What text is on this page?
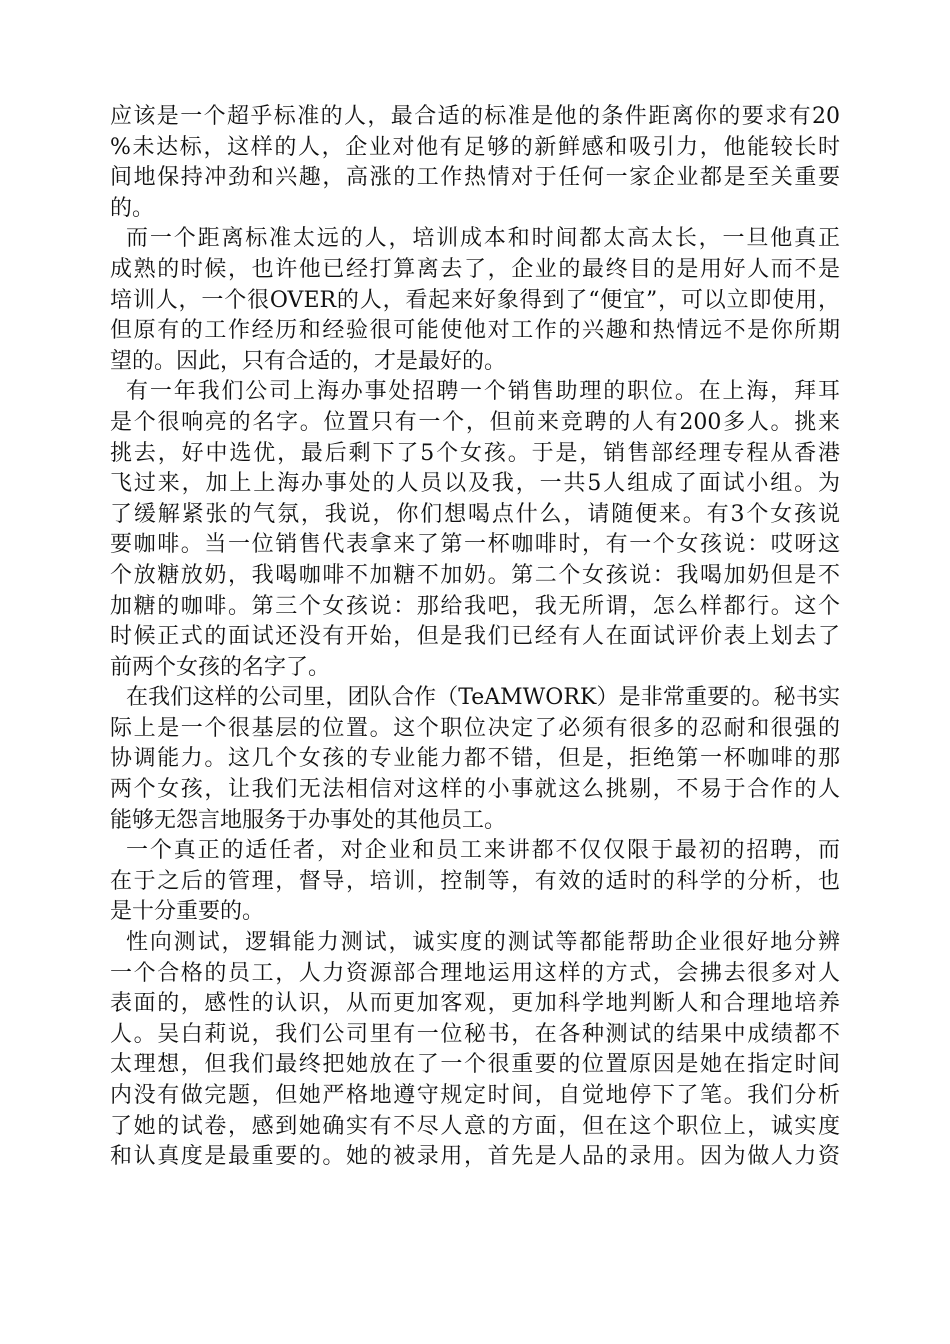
应该是一个超乎标准的人，最合适的标准是他的条件距离你的要求有20
%未达标，这样的人，企业对他有足够的新鲜感和吸引力，他能较长时
间地保持冲劲和兴趣，高涨的工作热情对于任何一家企业都是至关重要
的。
而一个距离标准太远的人，培训成本和时间都太高太长，一旦他真正
成熟的时候，也许他已经打算离去了，企业的最终目的是用好人而不是
培训人，一个很OVER的人，看起来好象得到了“便宜”，可以立即使用，
但原有的工作经历和经验很可能使他对工作的兴趣和热情远不是你所期
望的。因此，只有合适的，才是最好的。
有一年我们公司上海办事处招聘一个销售助理的职位。在上海，拜耳
是个很响亮的名字。位置只有一个，但前来竞聘的人有200多人。挑来
挑去，好中选优，最后剩下了5个女孩。于是，销售部经理专程从香港
飞过来，加上上海办事处的人员以及我，一共5人组成了面试小组。为
了缓解紧张的气氛，我说，你们想喝点什么，请随便来。有3个女孩说
要咖啡。当一位销售代表拿来了第一杯咖啡时，有一个女孩说：哎呀这
个放糖放奶，我喝咖啡不加糖不加奶。第二个女孩说：我喝加奶但是不
加糖的咖啡。第三个女孩说：那给我吧，我无所谓，怎么样都行。这个
时候正式的面试还没有开始，但是我们已经有人在面试评价表上划去了
前两个女孩的名字了。
在我们这样的公司里，团队合作（TeAMWORK）是非常重要的。秘书实
际上是一个很基层的位置。这个职位决定了必须有很多的忍耐和很强的
协调能力。这几个女孩的专业能力都不错，但是，拒绝第一杯咖啡的那
两个女孩，让我们无法相信对这样的小事就这么挑剔，不易于合作的人
能够无怨言地服务于办事处的其他员工。
一个真正的适任者，对企业和员工来讲都不仅仅限于最初的招聘，而
在于之后的管理，督导，培训，控制等，有效的适时的科学的分析，也
是十分重要的。
性向测试，逻辑能力测试，诚实度的测试等都能帮助企业很好地分辨
一个合格的员工，人力资源部合理地运用这样的方式，会拂去很多对人
表面的，感性的认识，从而更加客观，更加科学地判断人和合理地培养
人。吴白莉说，我们公司里有一位秘书，在各种测试的结果中成绩都不
太理想，但我们最终把她放在了一个很重要的位置原因是她在指定时间
内没有做完题，但她严格地遵守规定时间，自觉地停下了笔。我们分析
了她的试卷，感到她确实有不尽人意的方面，但在这个职位上，诚实度
和认真度是最重要的。她的被录用，首先是人品的录用。因为做人力资
